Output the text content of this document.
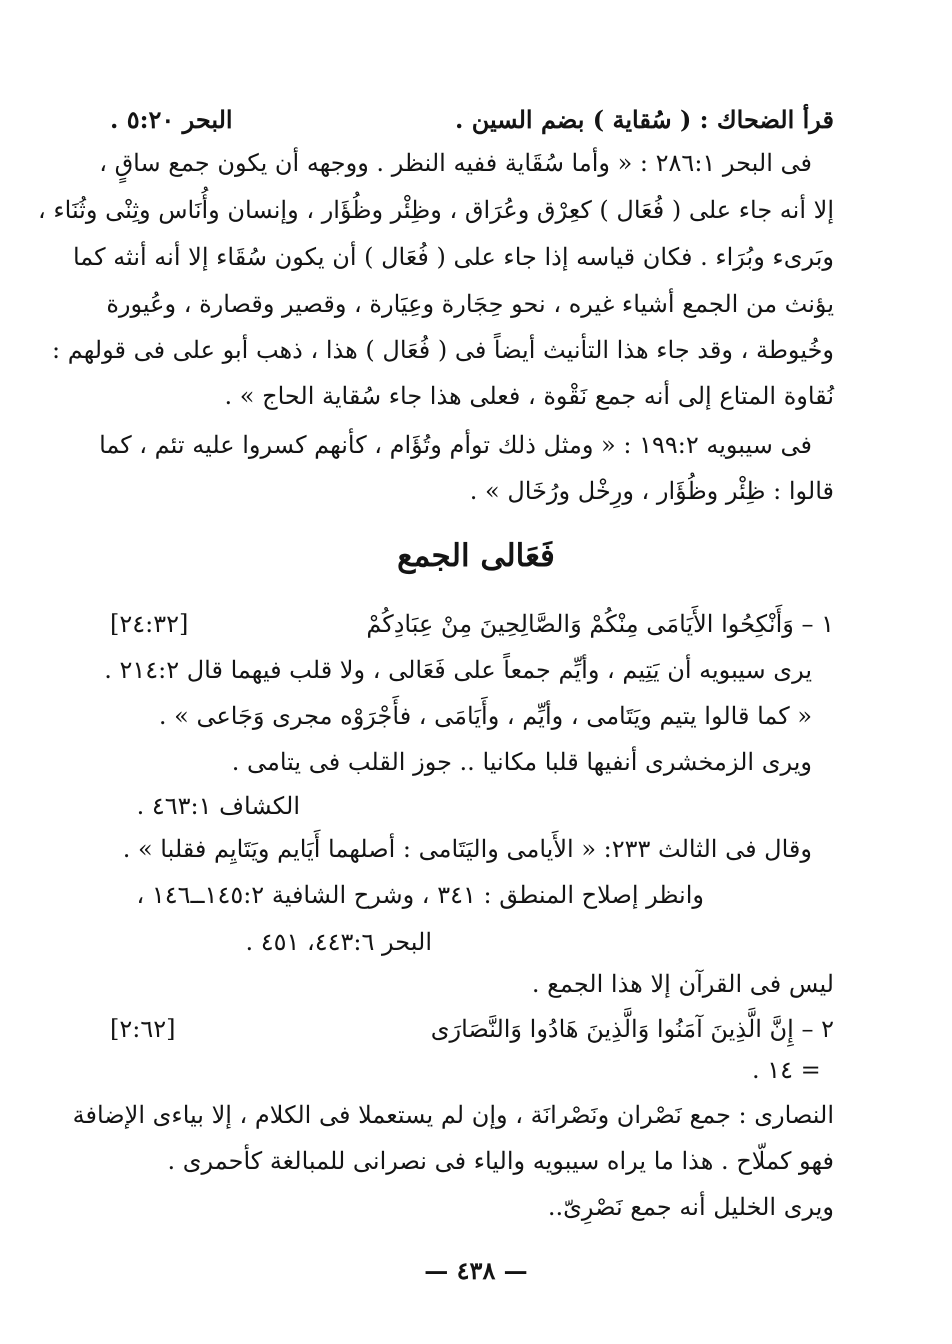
قرأ الضحاك : ( سُقاية ) بضم السين .
البحر ٥:٢٠ .
فى البحر ٢٨٦:١ : « وأما سُقَاية ففيه النظر . ووجهه أن يكون جمع ساقٍ ،
إلا أنه جاء على ( فُعَال ) كعِرْق وعُرَاق ، وظِئْر وظُؤَار ، وإنسان وأُنَاس وثِنْى وثُنَاء ،
وبَرىء وبُرَاء . فكان قياسه إذا جاء على ( فُعَال ) أن يكون سُقَاء إلا أنه أنثه كما
يؤنث من الجمع أشياء غيره ، نحو حِجَارة وعِيَارة ، وقصير وقصارة ، وعُيورة
وخُيوطة ، وقد جاء هذا التأنيث أيضاً فى ( فُعَال ) هذا ، ذهب أبو على فى قولهم :
نُقاوة المتاع إلى أنه جمع نَقْوة ، فعلى هذا جاء سُقاية الحاج » .
فى سيبويه ١٩٩:٢ : « ومثل ذلك توأم وتُؤَام ، كأنهم كسروا عليه تئم ، كما
قالوا : ظِئْر وظُؤَار ، ورِخْل ورُخَال » .
فَعَالى الجمع
١ – وَأَنْكِحُوا الأَيَامَى مِنْكُمْ وَالصَّالِحِينَ مِنْ عِبَادِكُمْ
[٢٤:٣٢]
يرى سيبويه أن يَتِيم ، وأيِّم جمعاً على فَعَالى ، ولا قلب فيهما قال ٢١٤:٢ .
« كما قالوا يتيم ويَتَامى ، وأيِّم ، وأَيَامَى ، فأَجْرَوْه مجرى وَجَاعى » .
ويرى الزمخشرى أنفيها قلبا مكانيا .. جوز القلب فى يتامى .
الكشاف ٤٦٣:١ .
وقال فى الثالث ٢٣٣: « الأَيامى واليَتَامى : أصلهما أَيَايم ويَتَايِم فقلبا » .
وانظر إصلاح المنطق : ٣٤١ ، وشرح الشافية ١٤٥:٢ــ١٤٦ ،
البحر ٤٤٣:٦، ٤٥١ .
ليس فى القرآن إلا هذا الجمع .
٢ – إِنَّ الَّذِينَ آمَنُوا وَالَّذِينَ هَادُوا وَالنَّصَارَى
[٢:٦٢]
= ١٤ .
النصارى : جمع نَصْران ونَصْرانَة ، وإن لم يستعملا فى الكلام ، إلا بياءى الإضافة
فهو كملّاح . هذا ما يراه سيبويه والياء فى نصرانى للمبالغة كأحمرى .
ويرى الخليل أنه جمع نَصْرِىّ..
— ٤٣٨ —
